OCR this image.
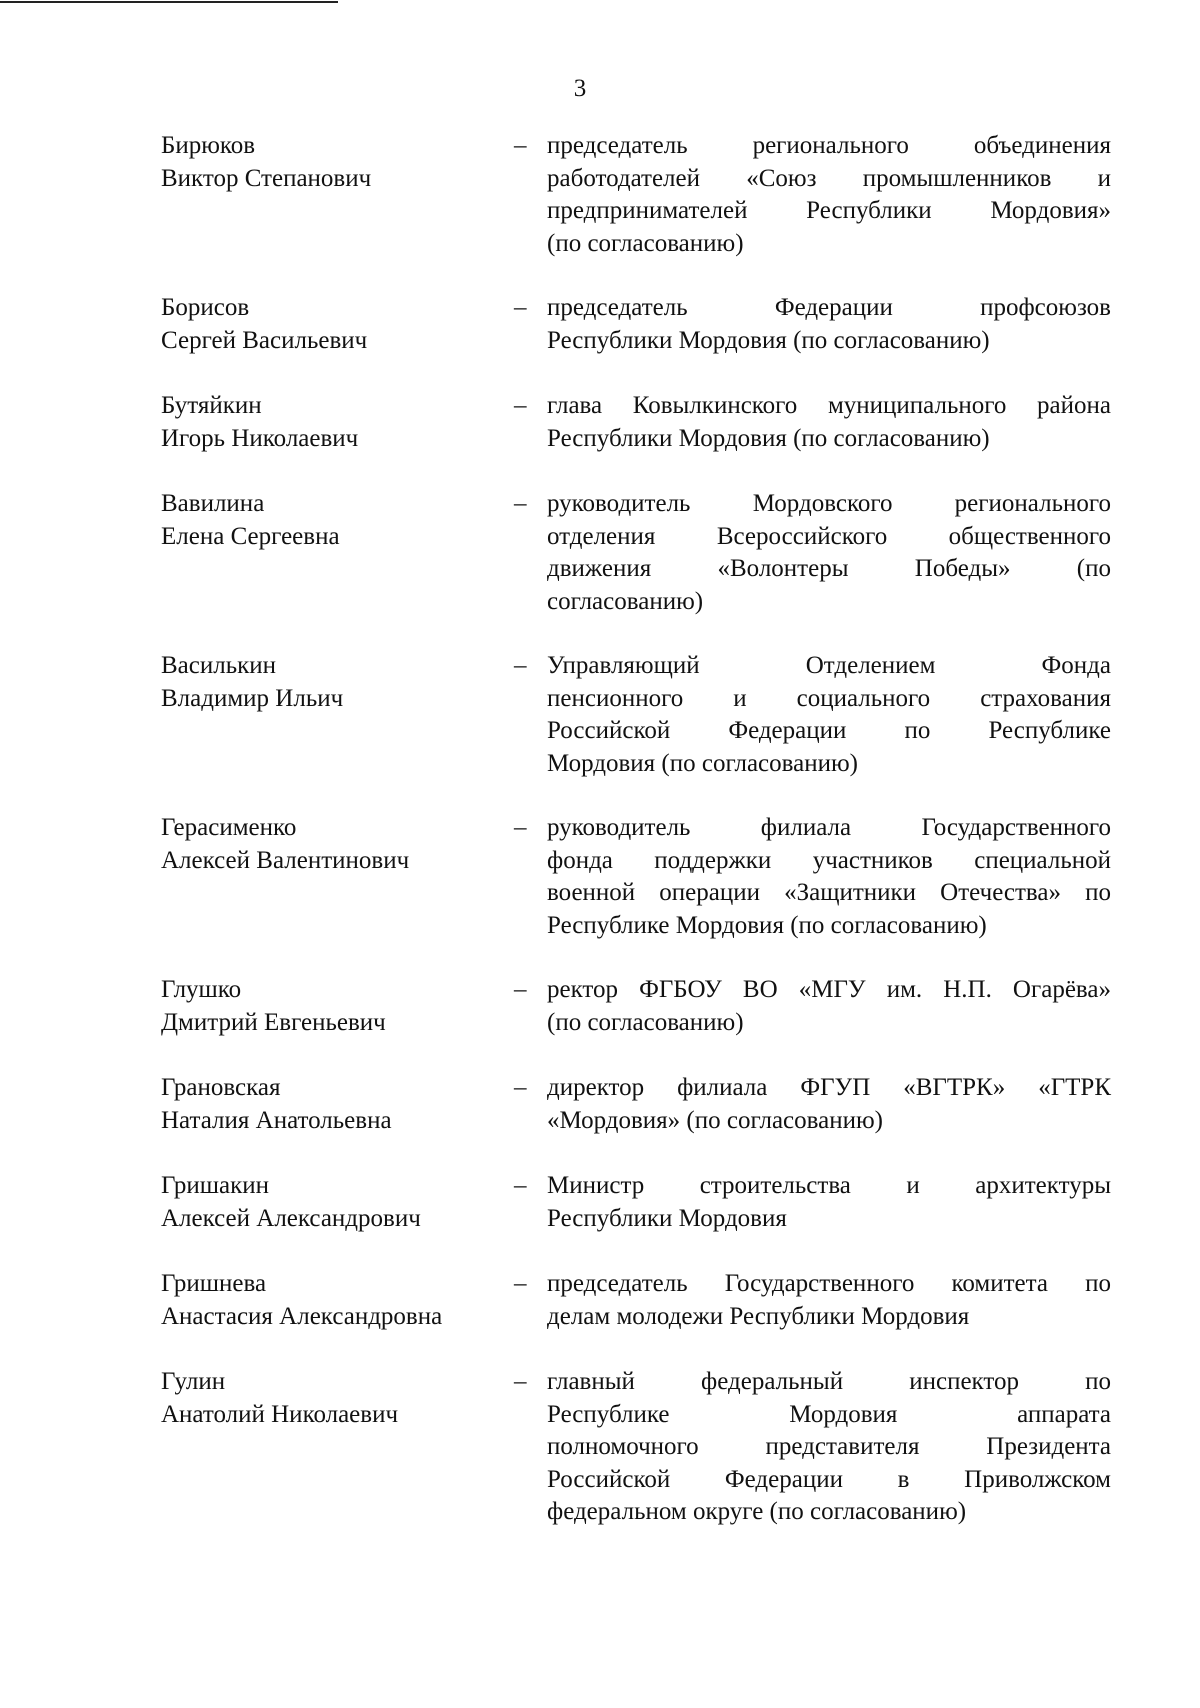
3
Бирюков
Виктор Степанович
– председатель регионального объединения
работодателей «Союз промышленников и
предпринимателей Республики Мордовия»
(по согласованию)
Борисов
Сергей Васильевич
– председатель Федерации профсоюзов
Республики Мордовия (по согласованию)
Бутяйкин
Игорь Николаевич
– глава Ковылкинского муниципального района
Республики Мордовия (по согласованию)
Вавилина
Елена Сергеевна
– руководитель Мордовского регионального
отделения Всероссийского общественного
движения «Волонтеры Победы» (по
согласованию)
Василькин
Владимир Ильич
– Управляющий Отделением Фонда
пенсионного и социального страхования
Российской Федерации по Республике
Мордовия (по согласованию)
Герасименко
Алексей Валентинович
– руководитель филиала Государственного
фонда поддержки участников специальной
военной операции «Защитники Отечества» по
Республике Мордовия (по согласованию)
Глушко
Дмитрий Евгеньевич
– ректор ФГБОУ ВО «МГУ им. Н.П. Огарёва»
(по согласованию)
Грановская
Наталия Анатольевна
– директор филиала ФГУП «ВГТРК» «ГТРК
«Мордовия» (по согласованию)
Гришакин
Алексей Александрович
– Министр строительства и архитектуры
Республики Мордовия
Гришнева
Анастасия Александровна
– председатель Государственного комитета по
делам молодежи Республики Мордовия
Гулин
Анатолий Николаевич
– главный федеральный инспектор по
Республике Мордовия аппарата
полномочного представителя Президента
Российской Федерации в Приволжском
федеральном округе (по согласованию)
